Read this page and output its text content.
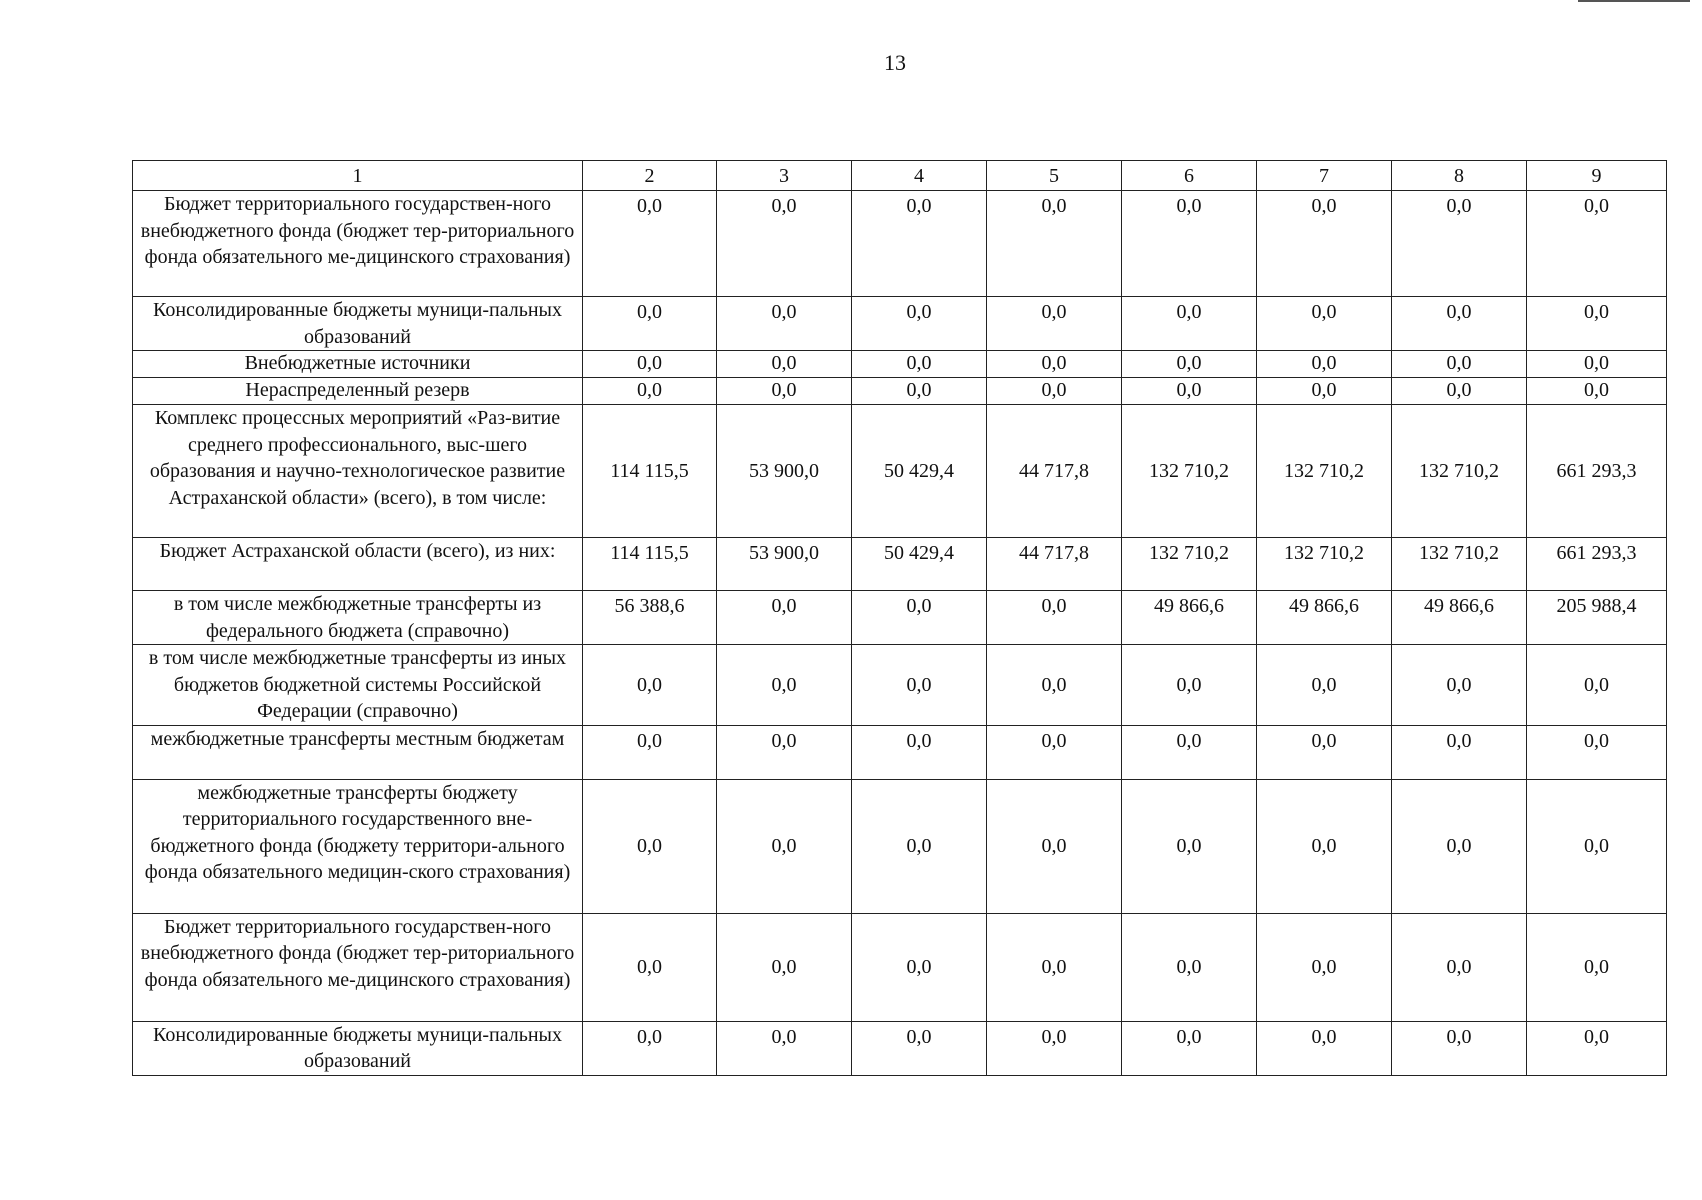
13
1	2	3	4	5	6	7	8	9
Бюджет территориального государствен-ного внебюджетного фонда (бюджет тер-риториального фонда обязательного ме-дицинского страхования)	0,0	0,0	0,0	0,0	0,0	0,0	0,0	0,0
Консолидированные бюджеты муници-пальных образований	0,0	0,0	0,0	0,0	0,0	0,0	0,0	0,0
Внебюджетные источники	0,0	0,0	0,0	0,0	0,0	0,0	0,0	0,0
Нераспределенный резерв	0,0	0,0	0,0	0,0	0,0	0,0	0,0	0,0
Комплекс процессных мероприятий «Раз-витие среднего профессионального, выс-шего образования и научно-технологическое развитие Астраханской области» (всего), в том числе:	114 115,5	53 900,0	50 429,4	44 717,8	132 710,2	132 710,2	132 710,2	661 293,3
Бюджет Астраханской области (всего), из них:	114 115,5	53 900,0	50 429,4	44 717,8	132 710,2	132 710,2	132 710,2	661 293,3
в том числе межбюджетные трансферты из федерального бюджета (справочно)	56 388,6	0,0	0,0	0,0	49 866,6	49 866,6	49 866,6	205 988,4
в том числе межбюджетные трансферты из иных бюджетов бюджетной системы Российской Федерации (справочно)	0,0	0,0	0,0	0,0	0,0	0,0	0,0	0,0
межбюджетные трансферты местным бюджетам	0,0	0,0	0,0	0,0	0,0	0,0	0,0	0,0
межбюджетные трансферты бюджету территориального государственного вне-бюджетного фонда (бюджету территори-ального фонда обязательного медицин-ского страхования)	0,0	0,0	0,0	0,0	0,0	0,0	0,0	0,0
Бюджет территориального государствен-ного внебюджетного фонда (бюджет тер-риториального фонда обязательного ме-дицинского страхования)	0,0	0,0	0,0	0,0	0,0	0,0	0,0	0,0
Консолидированные бюджеты муници-пальных образований	0,0	0,0	0,0	0,0	0,0	0,0	0,0	0,0
